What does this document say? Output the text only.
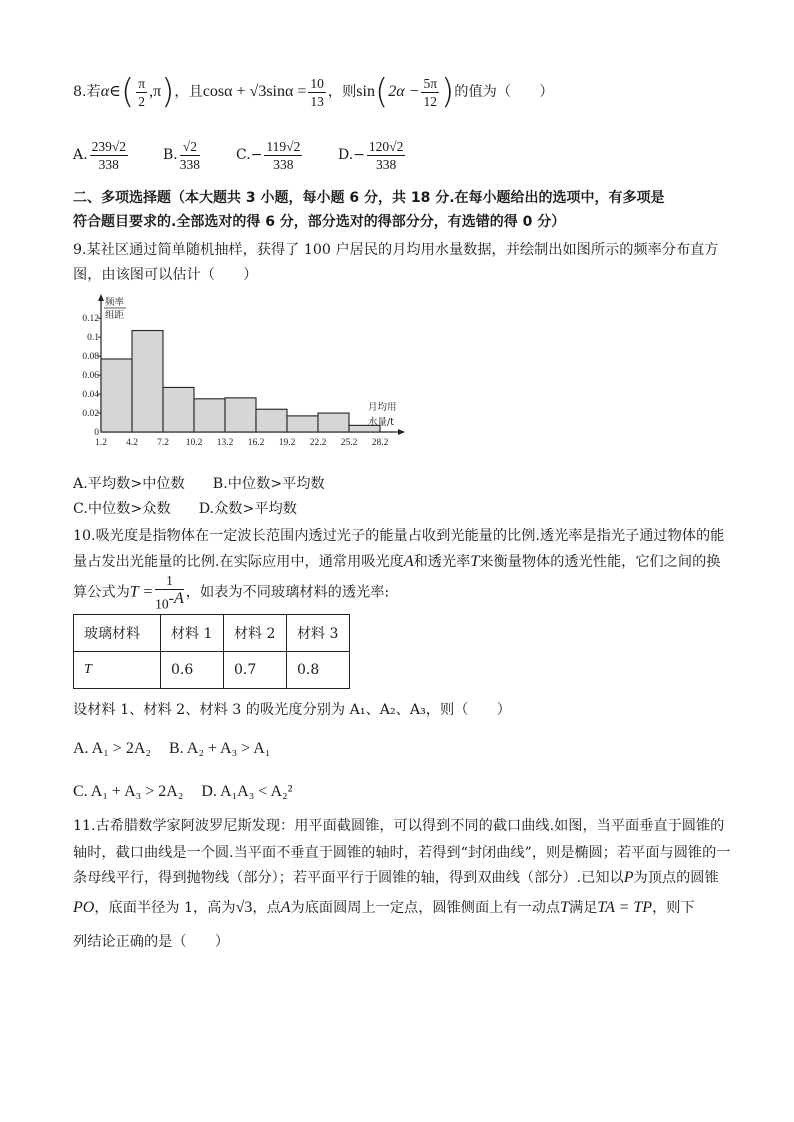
8.若α∈( $\frac{\pi}{2} ,\pi$)，且$\cos\alpha + √3\sin\alpha = \frac{10}{13}$ ，则$\sin(2\alpha - \frac{5\pi}{12}$ )的值为（　　）
A. $\frac{239√2}{338}$	B. $\frac{√2}{338}$	$C.- \frac{119√2}{338}$	$D.- \frac{120√2}{338}$
二、多项选择题（本大题共 3 小题，每小题 6 分，共 18 分.在每小题给出的选项中，有多项是
符合题目要求的.全部选对的得 6 分，部分选对的得部分分，有选错的得 0 分）
9.某社区通过简单随机抽样，获得了 100 户居民的月均用水量数据，并绘制出如图所示的频率分布直方
图，由该图可以估计（　　）
0
0.02
0.04
0.06
0.08
0.1
0.12
1.2 4.2 7.2 10.2 13.2 16.2 19.2 22.2 25.2 28.2
频率
组距
月均用
水量/t
A.平均数>中位数 B.中位数>平均数
C.中位数>众数 D.众数>平均数
10.吸光度是指物体在一定波长范围内透过光子的能量占收到光能量的比例.透光率是指光子通过物体的能
量占发出光能量的比例.在实际应用中，通常用吸光度A和透光率T来衡量物体的透光性能，它们之间的换
算公式为$T = \frac{1}{10^{-A}}$ ，如表为不同玻璃材料的透光率:
玻璃材料	材料 1	材料 2	材料 3
T	0.6	0.7	0.8
设材料 1、材料 2、材料 3 的吸光度分别为 A₁、A₂、A₃，则（　　）
A. A₁ > 2A₂ B. A₂ + A₃ > A₁
C. A₁ + A₃ > 2A₂ D. A₁A₃ < A₂²
11.古希腊数学家阿波罗尼斯发现：用平面截圆锥，可以得到不同的截口曲线.如图，当平面垂直于圆锥的
轴时，截口曲线是一个圆.当平面不垂直于圆锥的轴时，若得到“封闭曲线”，则是椭圆；若平面与圆锥的一
条母线平行，得到抛物线（部分）；若平面平行于圆锥的轴，得到双曲线（部分）.已知以P为顶点的圆锥
PO，底面半径为 1，高为√3，点A为底面圆周上一定点，圆锥侧面上有一动点T满足TA = TP，则下
列结论正确的是（　　）
